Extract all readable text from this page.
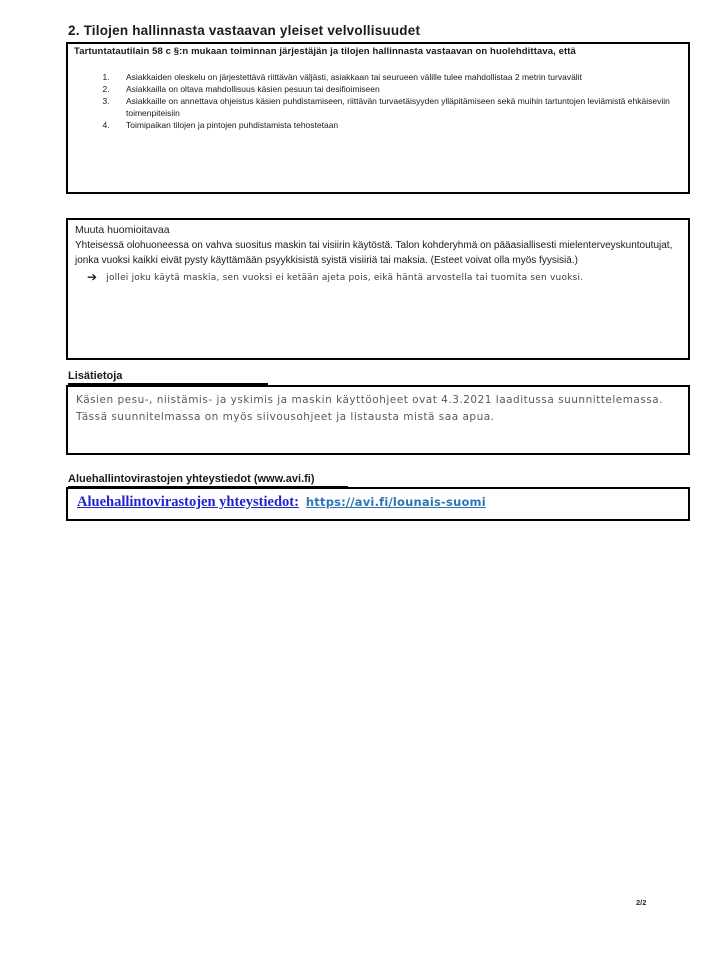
2. Tilojen hallinnasta vastaavan yleiset velvollisuudet
Tartuntatautilain 58 c §:n mukaan toiminnan järjestäjän ja tilojen hallinnasta vastaavan on huolehdittava, että
1. Asiakkaiden oleskelu on järjestettävä riittävän väljästi, asiakkaan tai seurueen välille tulee mahdollistaa 2 metrin turvavälit
2. Asiakkailla on oltava mahdollisuus käsien pesuun tai desifioimiseen
3. Asiakkaille on annettava ohjeistus käsien puhdistamiseen, riittävän turvaetäisyyden ylläpitämiseen sekä muihin tartuntojen leviämistä ehkäiseviin toimenpiteisiin
4. Toimipaikan tilojen ja pintojen puhdistamista tehostetaan
Muuta huomioitavaa
Yhteisessä olohuoneessa on vahva suositus maskin tai visiirin käytöstä. Talon kohderyhmä on pääasiallisesti mielenterveyskuntoutujat, jonka vuoksi kaikki eivät pysty käyttämään psyykkisistä syistä visiiriä tai maksia. (Esteet voivat olla myös fyysisiä.)
➔ jollei joku käytä maskia, sen vuoksi ei ketään ajeta pois, eikä häntä arvostella tai tuomita sen vuoksi.
Lisätietoja
Käsien pesu-, niistämis- ja yskimis ja maskin käyttöohjeet ovat 4.3.2021 laaditussa suunnittelemassa. Tässä suunnitelmassa on myös siivousohjeet ja listausta mistä saa apua.
Aluehallintovirastojen yhteystiedot (www.avi.fi)
Aluehallintovirastojen yhteystiedot: https://avi.fi/lounais-suomi
2/2
